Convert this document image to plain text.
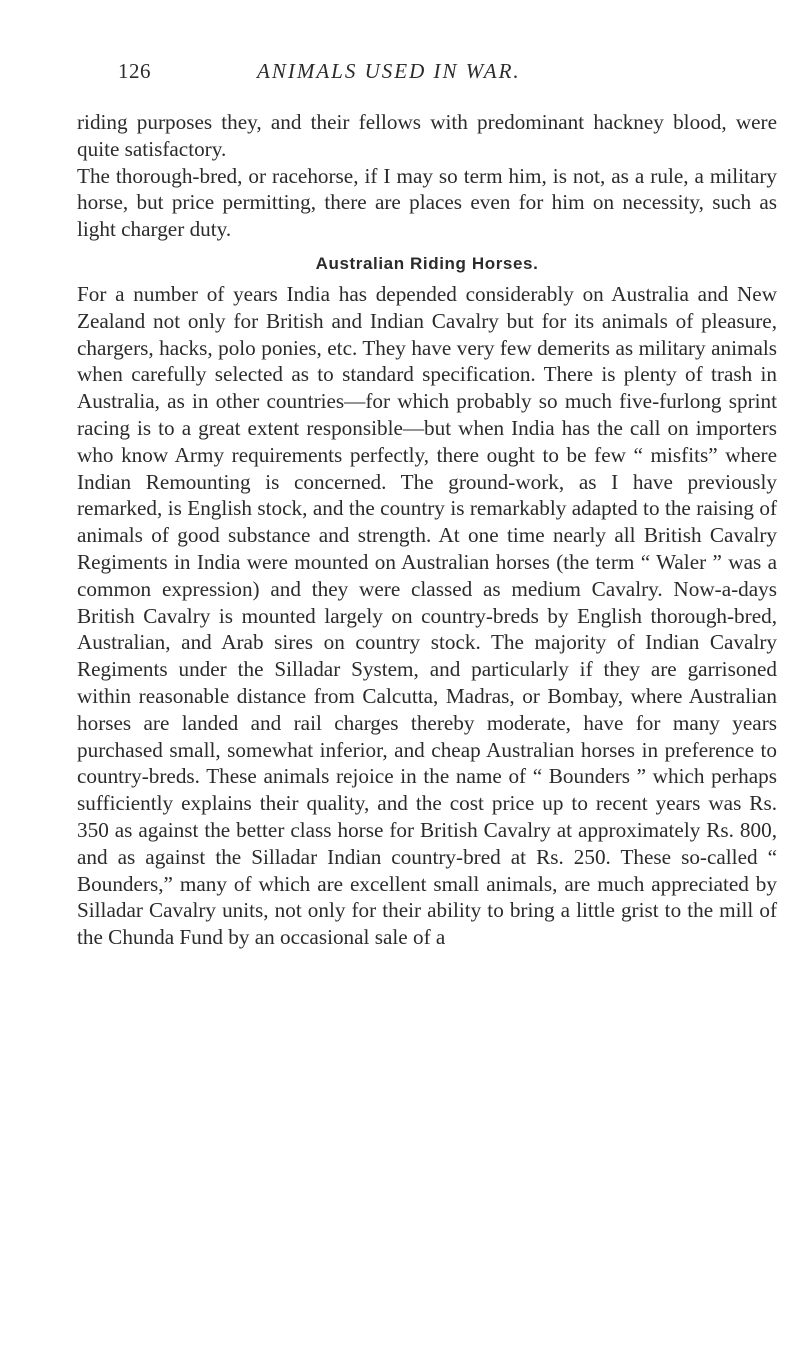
126	ANIMALS USED IN WAR.

riding purposes they, and their fellows with predominant hackney blood, were quite satisfactory.

The thorough-bred, or racehorse, if I may so term him, is not, as a rule, a military horse, but price permitting, there are places even for him on necessity, such as light charger duty.

Australian Riding Horses.

For a number of years India has depended considerably on Australia and New Zealand not only for British and Indian Cavalry but for its animals of pleasure, chargers, hacks, polo ponies, etc. They have very few demerits as military animals when carefully selected as to standard specification. There is plenty of trash in Australia, as in other countries—for which probably so much five-furlong sprint racing is to a great extent responsible—but when India has the call on importers who know Army requirements perfectly, there ought to be few “ misfits” where Indian Remounting is concerned. The ground-work, as I have previously remarked, is English stock, and the country is remarkably adapted to the raising of animals of good substance and strength. At one time nearly all British Cavalry Regiments in India were mounted on Australian horses (the term “ Waler ” was a common expression) and they were classed as medium Cavalry. Now-a-days British Cavalry is mounted largely on country-breds by English thorough-bred, Australian, and Arab sires on country stock. The majority of Indian Cavalry Regiments under the Silladar System, and particularly if they are garrisoned within reasonable distance from Calcutta, Madras, or Bombay, where Australian horses are landed and rail charges thereby moderate, have for many years purchased small, somewhat inferior, and cheap Australian horses in preference to country-breds. These animals rejoice in the name of “ Bounders ” which perhaps sufficiently explains their quality, and the cost price up to recent years was Rs. 350 as against the better class horse for British Cavalry at approximately Rs. 800, and as against the Silladar Indian country-bred at Rs. 250. These so-called “ Bounders,” many of which are excellent small animals, are much appreciated by Silladar Cavalry units, not only for their ability to bring a little grist to the mill of the Chunda Fund by an occasional sale of a
